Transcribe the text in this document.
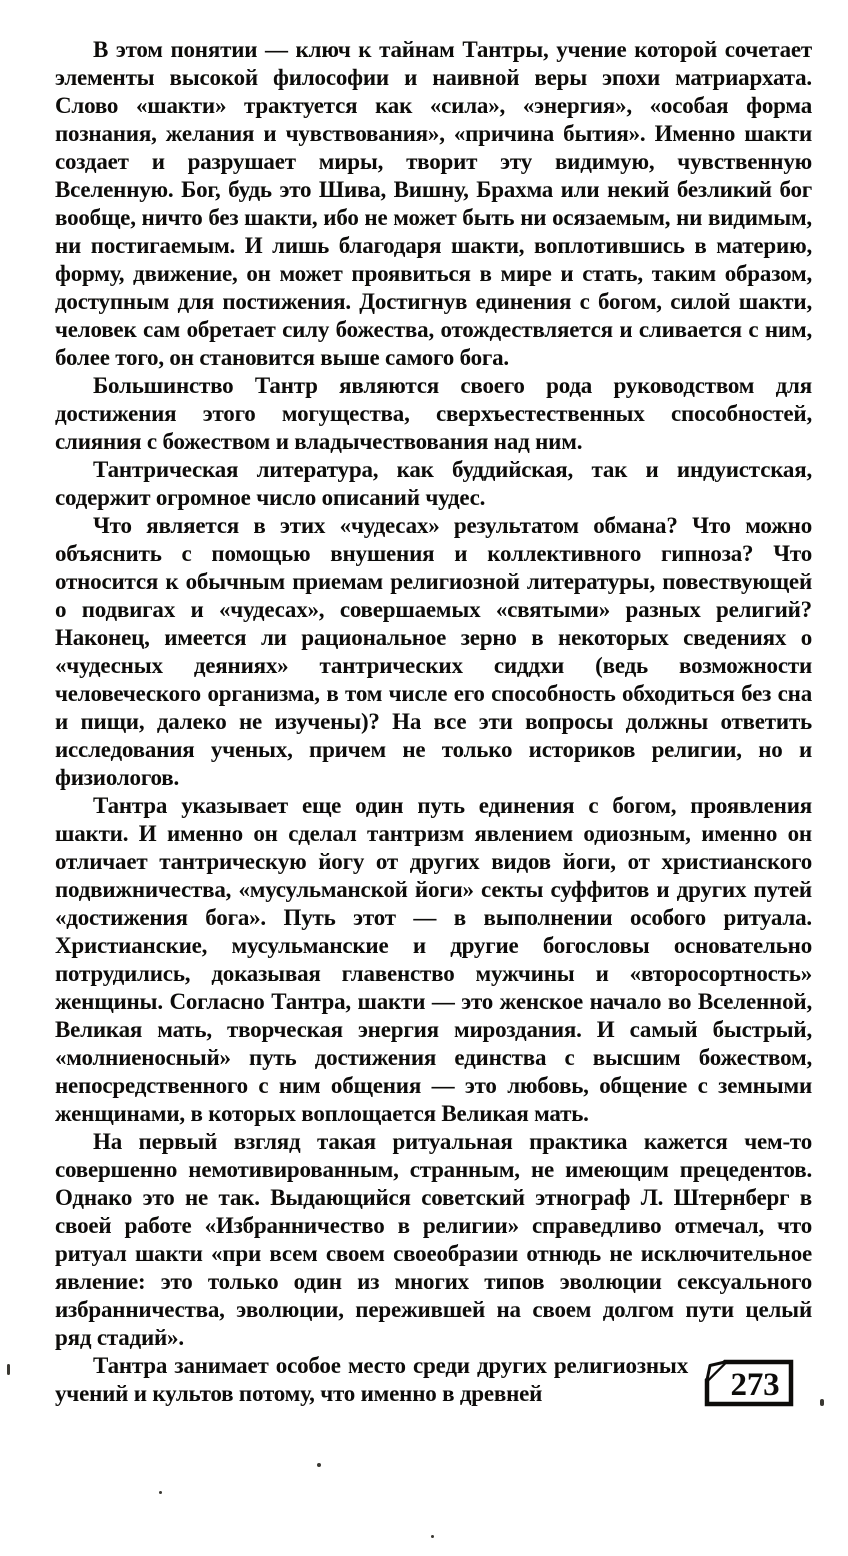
В этом понятии — ключ к тайнам Тантры, учение которой сочетает элементы высокой философии и наивной веры эпохи матриархата. Слово «шакти» трактуется как «сила», «энергия», «особая форма познания, желания и чувствования», «причина бытия». Именно шакти создает и разрушает миры, творит эту видимую, чувственную Вселенную. Бог, будь это Шива, Вишну, Брахма или некий безликий бог вообще, ничто без шакти, ибо не может быть ни осязаемым, ни видимым, ни постигаемым. И лишь благодаря шакти, воплотившись в материю, форму, движение, он может проявиться в мире и стать, таким образом, доступным для постижения. Достигнув единения с богом, силой шакти, человек сам обретает силу божества, отождествляется и сливается с ним, более того, он становится выше самого бога.

Большинство Тантр являются своего рода руководством для достижения этого могущества, сверхъестественных способностей, слияния с божеством и владычествования над ним.

Тантрическая литература, как буддийская, так и индуистская, содержит огромное число описаний чудес.

Что является в этих «чудесах» результатом обмана? Что можно объяснить с помощью внушения и коллективного гипноза? Что относится к обычным приемам религиозной литературы, повествующей о подвигах и «чудесах», совершаемых «святыми» разных религий? Наконец, имеется ли рациональное зерно в некоторых сведениях о «чудесных деяниях» тантрических сиддхи (ведь возможности человеческого организма, в том числе его способность обходиться без сна и пищи, далеко не изучены)? На все эти вопросы должны ответить исследования ученых, причем не только историков религии, но и физиологов.

Тантра указывает еще один путь единения с богом, проявления шакти. И именно он сделал тантризм явлением одиозным, именно он отличает тантрическую йогу от других видов йоги, от христианского подвижничества, «мусульманской йоги» секты суффитов и других путей «достижения бога». Путь этот — в выполнении особого ритуала. Христианские, мусульманские и другие богословы основательно потрудились, доказывая главенство мужчины и «второсортность» женщины. Согласно Тантра, шакти — это женское начало во Вселенной, Великая мать, творческая энергия мироздания. И самый быстрый, «молниеносный» путь достижения единства с высшим божеством, непосредственного с ним общения — это любовь, общение с земными женщинами, в которых воплощается Великая мать.

На первый взгляд такая ритуальная практика кажется чем-то совершенно немотивированным, странным, не имеющим прецедентов. Однако это не так. Выдающийся советский этнограф Л. Штернберг в своей работе «Избранничество в религии» справедливо отмечал, что ритуал шакти «при всем своем своеобразии отнюдь не исключительное явление: это только один из многих типов эволюции сексуального избранничества, эволюции, пережившей на своем долгом пути целый ряд стадий».

273

Тантра занимает особое место среди других религиозных учений и культов потому, что именно в древней
